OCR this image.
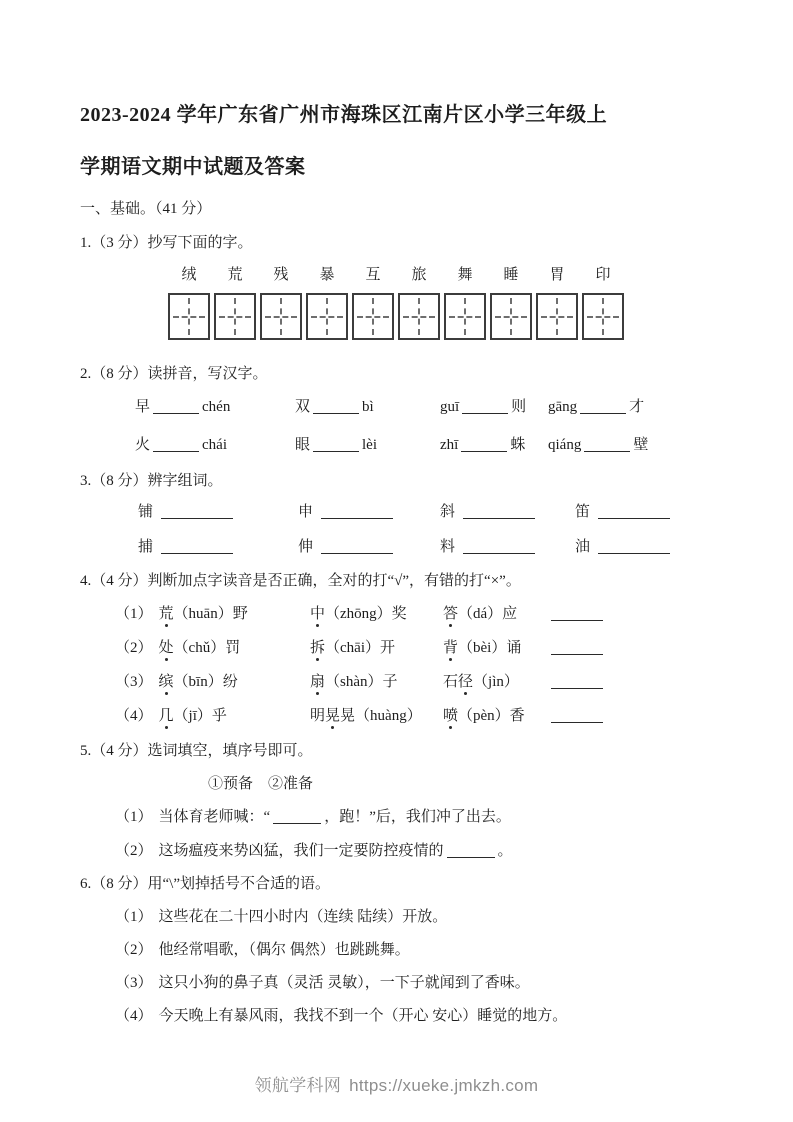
2023-2024 学年广东省广州市海珠区江南片区小学三年级上
学期语文期中试题及答案
一、基础。（41 分）
1.（3 分）抄写下面的字。
绒	荒	残	暴	互	旅	舞	睡	胃	印
2.（8 分）读拼音，写汉字。
早	chén	双	bì	guī	则	gāng	才
火	chái	眼	lèi	zhī	蛛	qiáng	壁
3.（8 分）辨字组词。
铺	申	斜	笛
捕	伸	料	油
4.（4 分）判断加点字读音是否正确，全对的打“√”，有错的打“×”。
（1） 荒（huān）野	中（zhōng）奖	答（dá）应
（2） 处（chǔ）罚	拆（chāi）开	背（bèi）诵
（3） 缤（bīn）纷	扇（shàn）子	石径（jìn）
（4） 几（jī）乎	明晃晃（huàng）	喷（pèn）香
5.（4 分）选词填空，填序号即可。
①预备　②准备
（1） 当体育老师喊：“	，跑！”后，我们冲了出去。
（2） 这场瘟疫来势凶猛，我们一定要防控疫情的	。
6.（8 分）用“\”划掉括号不合适的语。
（1） 这些花在二十四小时内（连续 陆续）开放。
（2） 他经常唱歌，（偶尔 偶然）也跳跳舞。
（3） 这只小狗的鼻子真（灵活 灵敏），一下子就闻到了香味。
（4） 今天晚上有暴风雨，我找不到一个（开心 安心）睡觉的地方。
领航学科网 https://xueke.jmkzh.com
